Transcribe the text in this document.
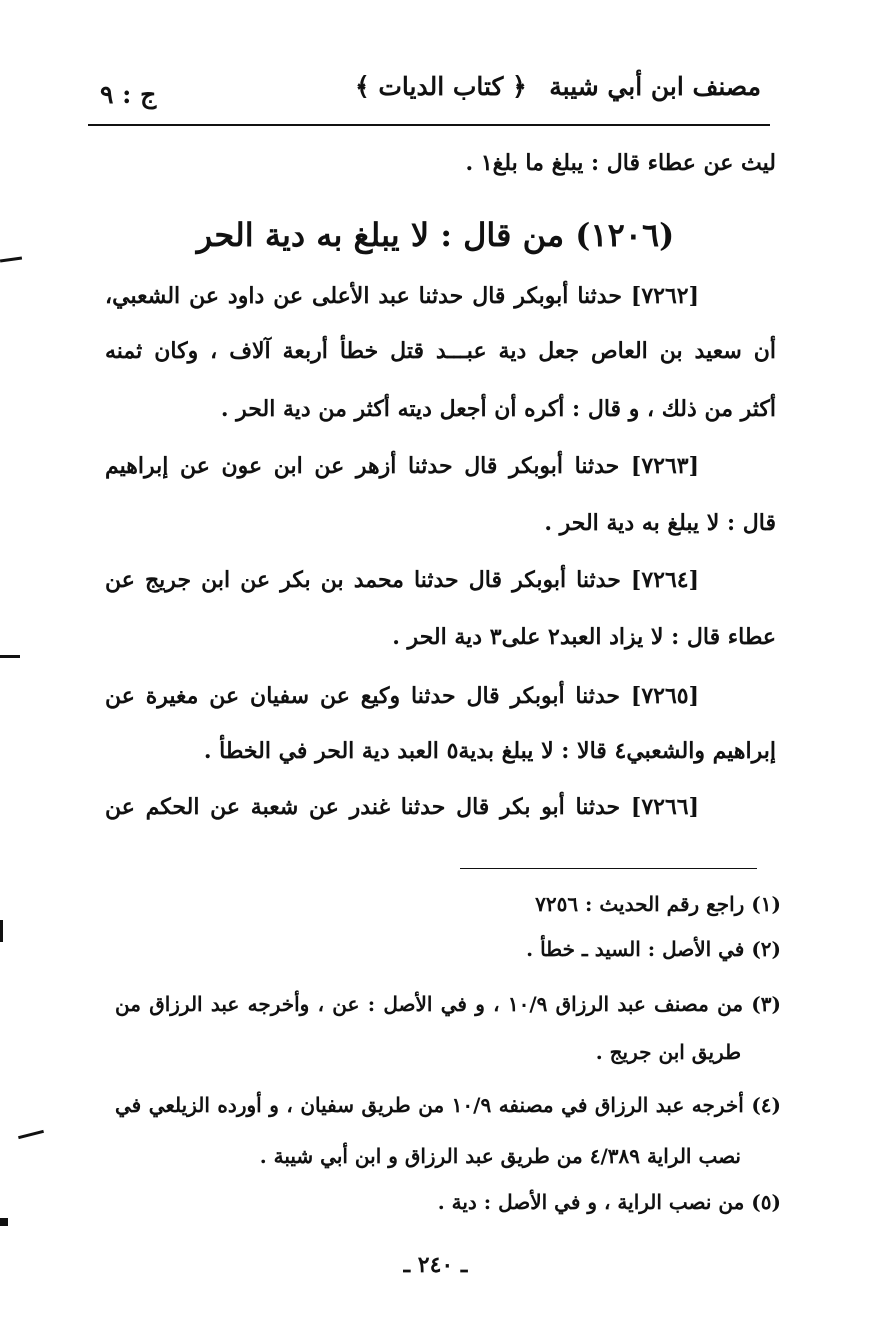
مصنف ابن أبي شيبة
﴿ كتاب الديات ﴾
ج : ٩
ليث عن عطاء قال : يبلغ ما بلغ١ .
(١٢٠٦) من قال : لا يبلغ به دية الحر
[٧٢٦٢] حدثنا أبوبكر قال حدثنا عبد الأعلى عن داود عن الشعبي،
أن سعيد بن العاص جعل دية عبـــد قتل خطأ أربعة آلاف ، وكان ثمنه
أكثر من ذلك ، و قال : أكره أن أجعل ديته أكثر من دية الحر .
[٧٢٦٣] حدثنا أبوبكر قال حدثنا أزهر عن ابن عون عن إبراهيم
قال : لا يبلغ به دية الحر .
[٧٢٦٤] حدثنا أبوبكر قال حدثنا محمد بن بكر عن ابن جريج عن
عطاء قال : لا يزاد العبد٢ على٣ دية الحر .
[٧٢٦٥] حدثنا أبوبكر قال حدثنا وكيع عن سفيان عن مغيرة عن
إبراهيم والشعبي٤ قالا : لا يبلغ بدية٥ العبد دية الحر في الخطأ .
[٧٢٦٦] حدثنا أبو بكر قال حدثنا غندر عن شعبة عن الحكم عن
(١) راجع رقم الحديث : ٧٢٥٦
(٢) في الأصل : السيد ـ خطأ .
(٣) من مصنف عبد الرزاق ١٠/٩ ، و في الأصل : عن ، وأخرجه عبد الرزاق من
طريق ابن جريج .
(٤) أخرجه عبد الرزاق في مصنفه ١٠/٩ من طريق سفيان ، و أورده الزيلعي في
نصب الراية ٤/٣٨٩ من طريق عبد الرزاق و ابن أبي شيبة .
(٥) من نصب الراية ، و في الأصل : دية .
ـ ٢٤٠ ـ
